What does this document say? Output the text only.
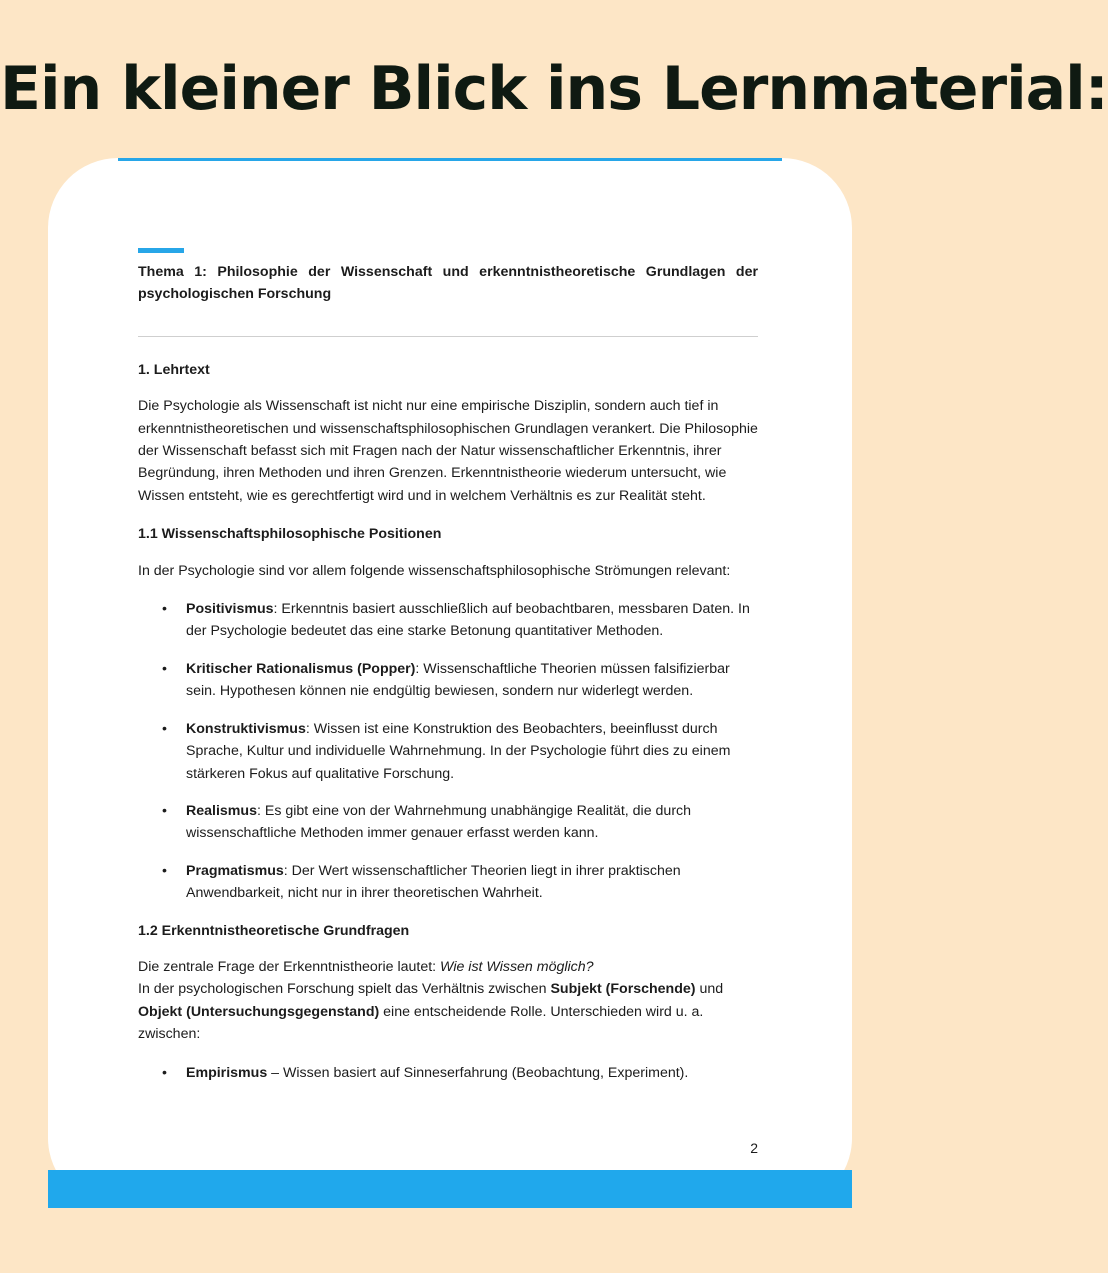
Ein kleiner Blick ins Lernmaterial:

Thema 1: Philosophie der Wissenschaft und erkenntnistheoretische Grundlagen der psychologischen Forschung

1. Lehrtext

Die Psychologie als Wissenschaft ist nicht nur eine empirische Disziplin, sondern auch tief in erkenntnistheoretischen und wissenschaftsphilosophischen Grundlagen verankert. Die Philosophie der Wissenschaft befasst sich mit Fragen nach der Natur wissenschaftlicher Erkenntnis, ihrer Begründung, ihren Methoden und ihren Grenzen. Erkenntnistheorie wiederum untersucht, wie Wissen entsteht, wie es gerechtfertigt wird und in welchem Verhältnis es zur Realität steht.

1.1 Wissenschaftsphilosophische Positionen

In der Psychologie sind vor allem folgende wissenschaftsphilosophische Strömungen relevant:

• Positivismus: Erkenntnis basiert ausschließlich auf beobachtbaren, messbaren Daten. In der Psychologie bedeutet das eine starke Betonung quantitativer Methoden.
• Kritischer Rationalismus (Popper): Wissenschaftliche Theorien müssen falsifizierbar sein. Hypothesen können nie endgültig bewiesen, sondern nur widerlegt werden.
• Konstruktivismus: Wissen ist eine Konstruktion des Beobachters, beeinflusst durch Sprache, Kultur und individuelle Wahrnehmung. In der Psychologie führt dies zu einem stärkeren Fokus auf qualitative Forschung.
• Realismus: Es gibt eine von der Wahrnehmung unabhängige Realität, die durch wissenschaftliche Methoden immer genauer erfasst werden kann.
• Pragmatismus: Der Wert wissenschaftlicher Theorien liegt in ihrer praktischen Anwendbarkeit, nicht nur in ihrer theoretischen Wahrheit.

1.2 Erkenntnistheoretische Grundfragen

Die zentrale Frage der Erkenntnistheorie lautet: Wie ist Wissen möglich?
In der psychologischen Forschung spielt das Verhältnis zwischen Subjekt (Forschende) und Objekt (Untersuchungsgegenstand) eine entscheidende Rolle. Unterschieden wird u. a. zwischen:

• Empirismus – Wissen basiert auf Sinneserfahrung (Beobachtung, Experiment).
2
